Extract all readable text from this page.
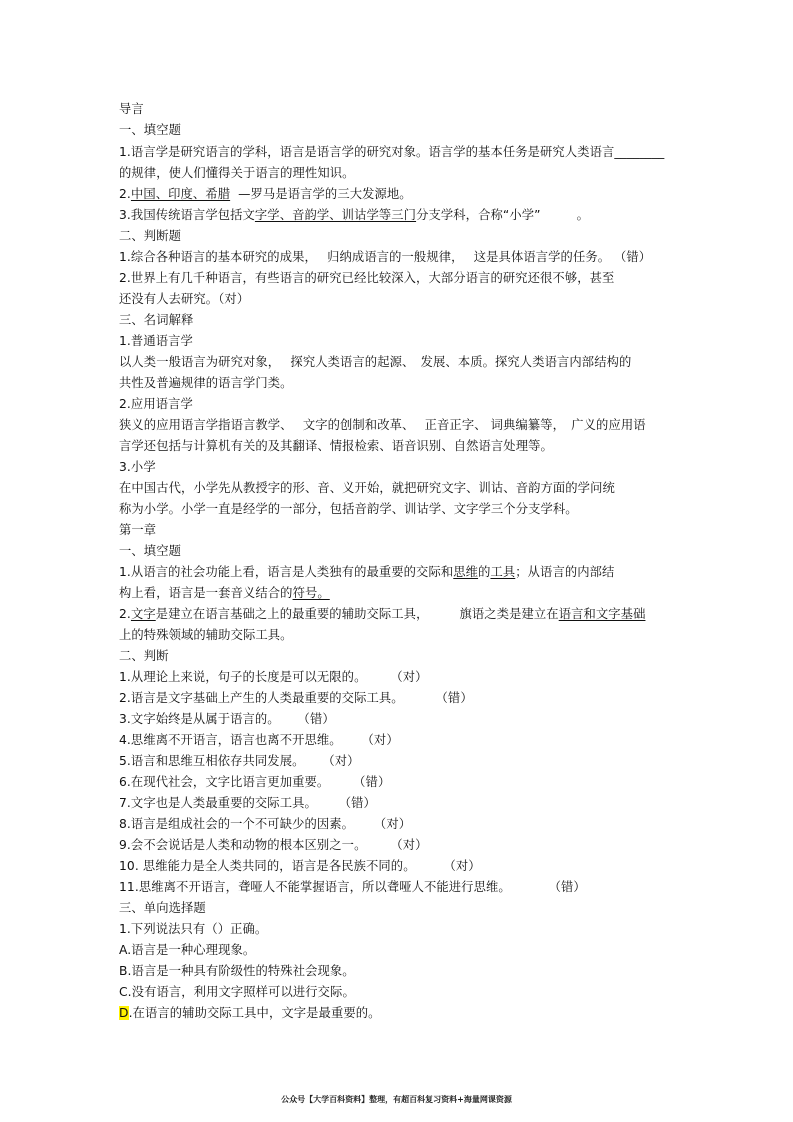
导言
一、填空题
1.语言学是研究语言的学科，语言是语言学的研究对象。语言学的基本任务是研究人类语言________
的规律，使人们懂得关于语言的理性知识。
2.中国、印度、希腊 —罗马是语言学的三大发源地。
3.我国传统语言学包括文字学、音韵学、训诂学等三门分支学科，合称“小学”	。
二、判断题
1.综合各种语言的基本研究的成果，　 归纳成语言的一般规律，　 这是具体语言学的任务。 （错）
2.世界上有几千种语言，有些语言的研究已经比较深入，大部分语言的研究还很不够，甚至
还没有人去研究。（对）
三、名词解释
1.普通语言学
以人类一般语言为研究对象，　 探究人类语言的起源、　发展、本质。探究人类语言内部结构的
共性及普遍规律的语言学门类。
2.应用语言学
狭义的应用语言学指语言教学、　 文字的创制和改革、　 正音正字、 词典编纂等，　广义的应用语
言学还包括与计算机有关的及其翻译、情报检索、语音识别、自然语言处理等。
3.小学
在中国古代，小学先从教授字的形、音、义开始，就把研究文字、训诂、音韵方面的学问统
称为小学。小学一直是经学的一部分，包括音韵学、训诂学、文字学三个分支学科。
第一章
一、填空题
1.从语言的社会功能上看，语言是人类独有的最重要的交际和思维的工具；从语言的内部结
构上看，语言是一套音义结合的符号。
2.文字是建立在语言基础之上的最重要的辅助交际工具，　　　旗语之类是建立在语言和文字基础
上的特殊领域的辅助交际工具。
二、判断
1.从理论上来说，句子的长度是可以无限的。 （对）
2.语言是文字基础上产生的人类最重要的交际工具。	（错）
3.文字始终是从属于语言的。 （错）
4.思维离不开语言，语言也离不开思维。 （对）
5.语言和思维互相依存共同发展。 （对）
6.在现代社会，文字比语言更加重要。 （错）
7.文字也是人类最重要的交际工具。 （错）
8.语言是组成社会的一个不可缺少的因素。 （对）
9.会不会说话是人类和动物的根本区别之一。 （对）
10. 思维能力是全人类共同的，语言是各民族不同的。	（对）
11.思维离不开语言，聋哑人不能掌握语言，所以聋哑人不能进行思维。	（错）
三、单向选择题
1.下列说法只有（）正确。
A.语言是一种心理现象。
B.语言是一种具有阶级性的特殊社会现象。
C.没有语言，利用文字照样可以进行交际。
D.在语言的辅助交际工具中，文字是最重要的。
公众号【大学百科资料】整理，有超百科复习资料+海量网课资源
